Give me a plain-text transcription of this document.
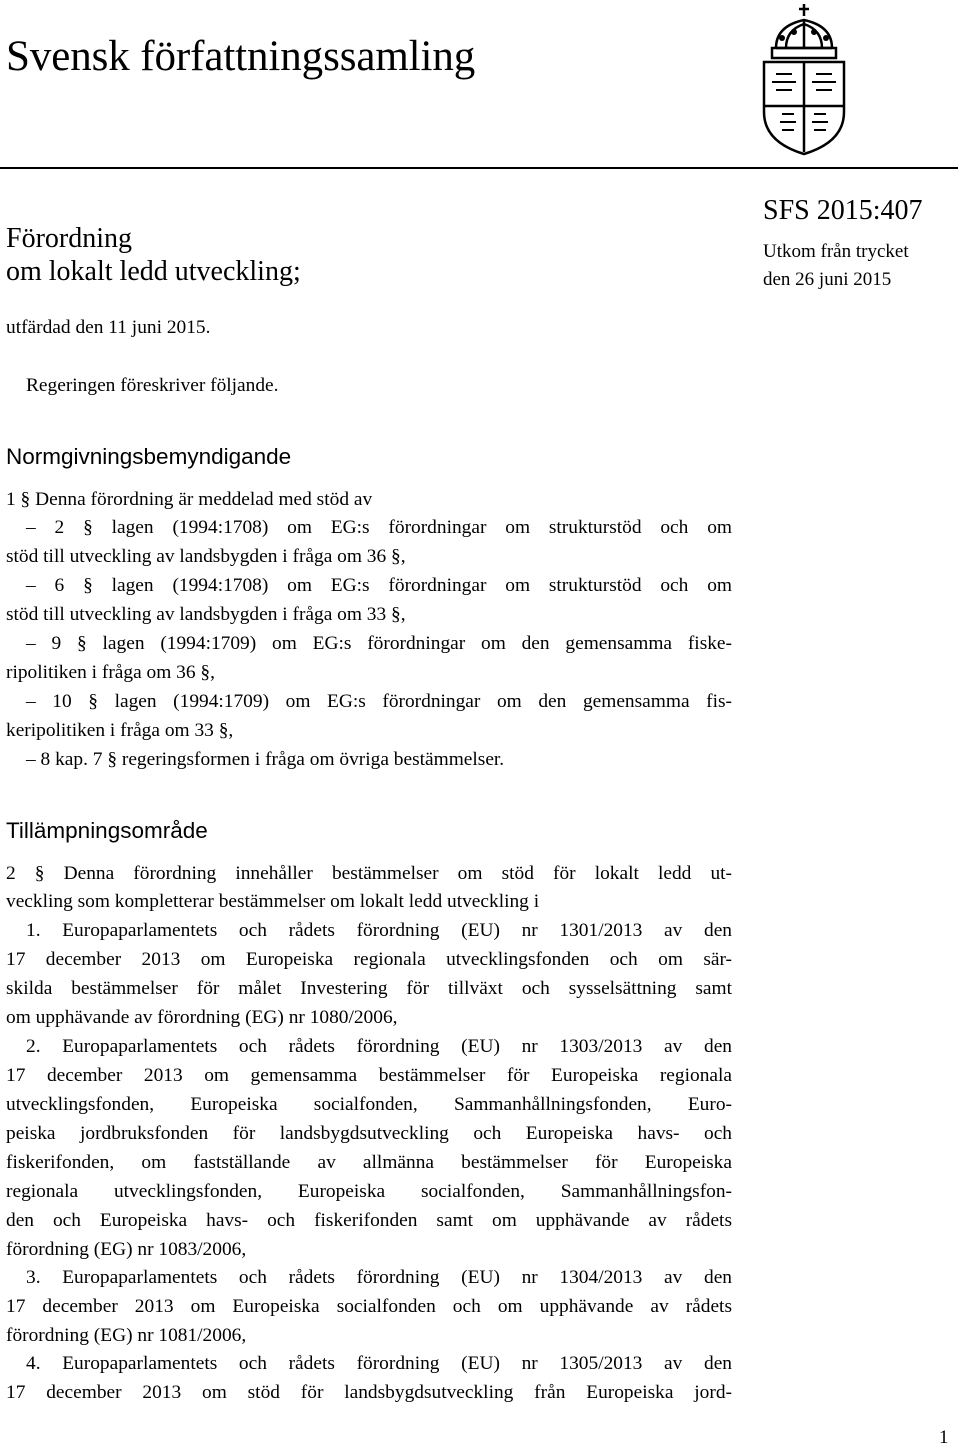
Svensk författningssamling
Förordning
om lokalt ledd utveckling;
SFS 2015:407
Utkom från trycket
den 26 juni 2015
utfärdad den 11 juni 2015.
Regeringen föreskriver följande.
Normgivningsbemyndigande
1 § Denna förordning är meddelad med stöd av
– 2 § lagen (1994:1708) om EG:s förordningar om strukturstöd och om
stöd till utveckling av landsbygden i fråga om 36 §,
– 6 § lagen (1994:1708) om EG:s förordningar om strukturstöd och om
stöd till utveckling av landsbygden i fråga om 33 §,
– 9 § lagen (1994:1709) om EG:s förordningar om den gemensamma fiske-
ripolitiken i fråga om 36 §,
– 10 § lagen (1994:1709) om EG:s förordningar om den gemensamma fis-
keripolitiken i fråga om 33 §,
– 8 kap. 7 § regeringsformen i fråga om övriga bestämmelser.
Tillämpningsområde
2 § Denna förordning innehåller bestämmelser om stöd för lokalt ledd ut-
veckling som kompletterar bestämmelser om lokalt ledd utveckling i
1. Europaparlamentets och rådets förordning (EU) nr 1301/2013 av den
17 december 2013 om Europeiska regionala utvecklingsfonden och om sär-
skilda bestämmelser för målet Investering för tillväxt och sysselsättning samt
om upphävande av förordning (EG) nr 1080/2006,
2. Europaparlamentets och rådets förordning (EU) nr 1303/2013 av den
17 december 2013 om gemensamma bestämmelser för Europeiska regionala
utvecklingsfonden, Europeiska socialfonden, Sammanhållningsfonden, Euro-
peiska jordbruksfonden för landsbygdsutveckling och Europeiska havs- och
fiskerifonden, om fastställande av allmänna bestämmelser för Europeiska
regionala utvecklingsfonden, Europeiska socialfonden, Sammanhållningsfon-
den och Europeiska havs- och fiskerifonden samt om upphävande av rådets
förordning (EG) nr 1083/2006,
3. Europaparlamentets och rådets förordning (EU) nr 1304/2013 av den
17 december 2013 om Europeiska socialfonden och om upphävande av rådets
förordning (EG) nr 1081/2006,
4. Europaparlamentets och rådets förordning (EU) nr 1305/2013 av den
17 december 2013 om stöd för landsbygdsutveckling från Europeiska jord-
1
